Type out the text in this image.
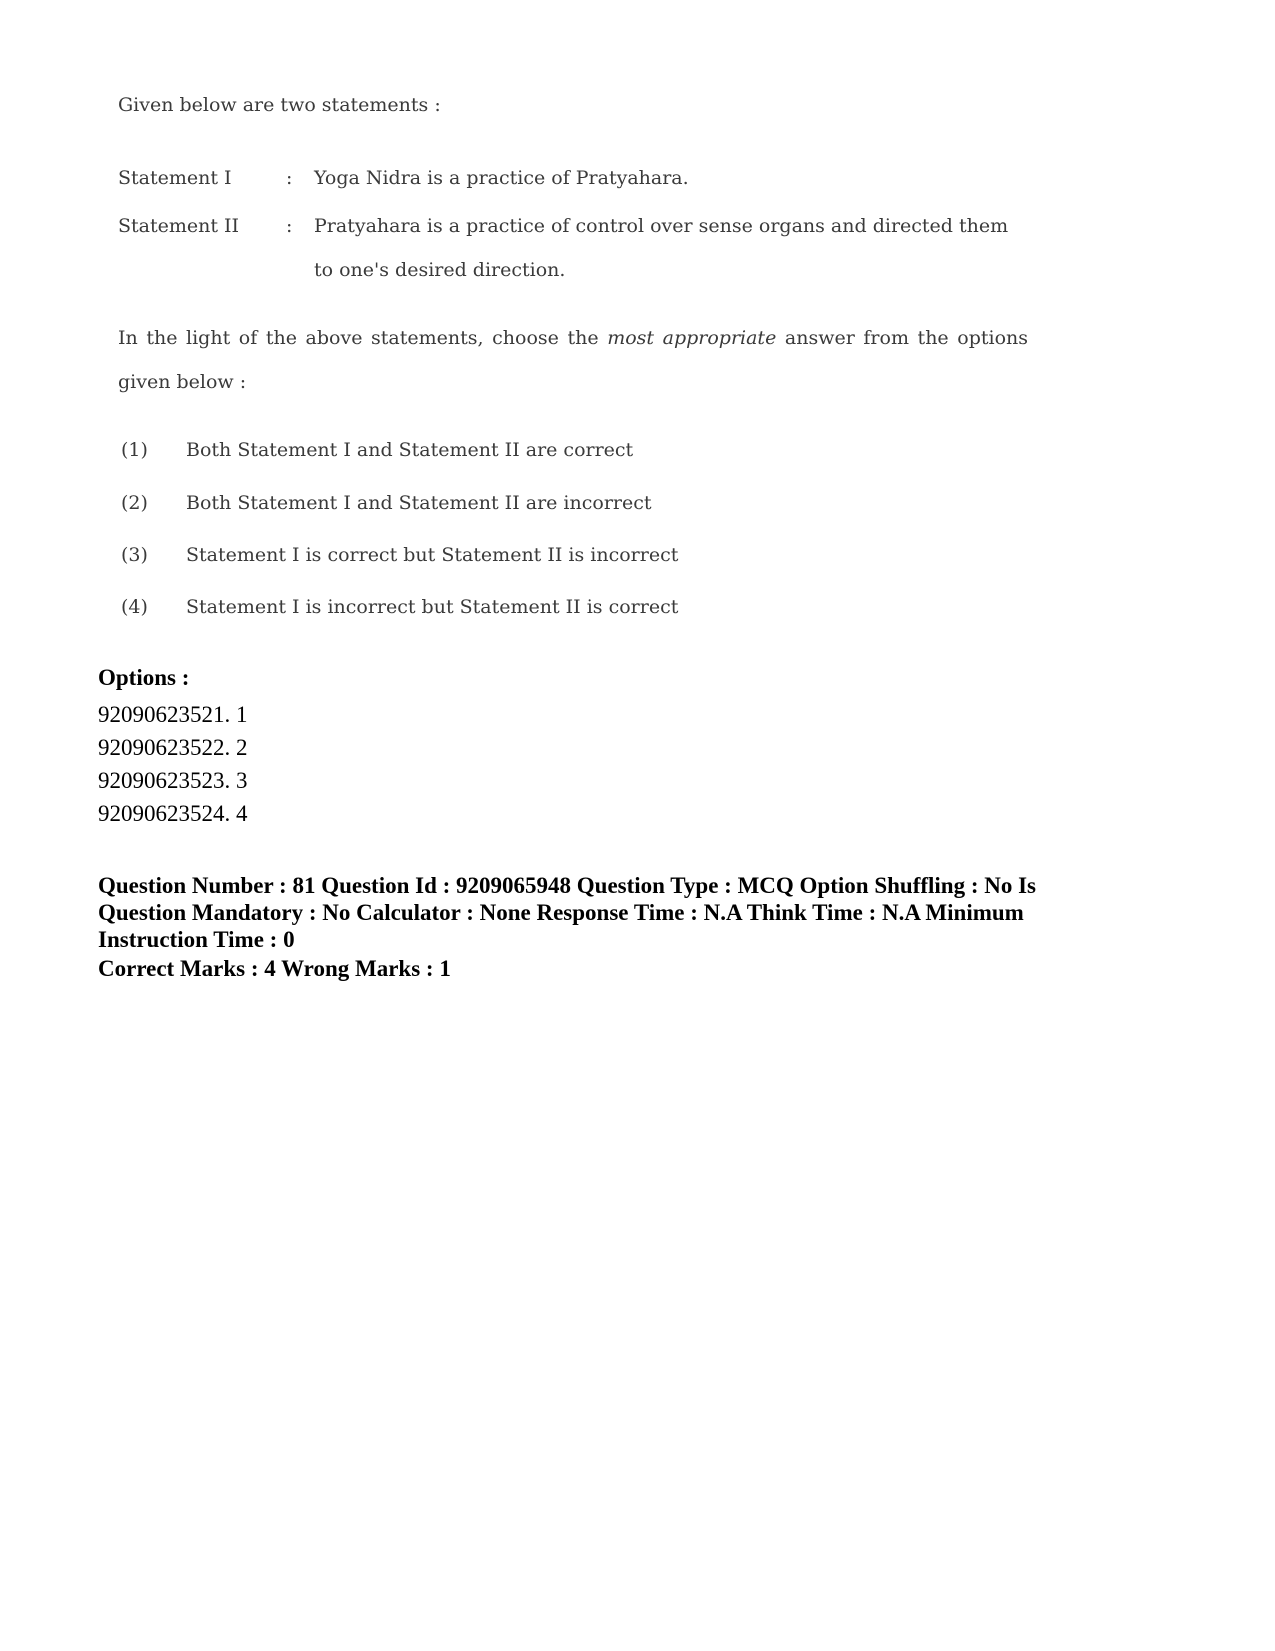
Given below are two statements :
Statement I	: Yoga Nidra is a practice of Pratyahara.
Statement II : Pratyahara is a practice of control over sense organs and directed them to one's desired direction.
In the light of the above statements, choose the most appropriate answer from the options given below :
(1) Both Statement I and Statement II are correct
(2) Both Statement I and Statement II are incorrect
(3) Statement I is correct but Statement II is incorrect
(4) Statement I is incorrect but Statement II is correct
Options :
92090623521. 1
92090623522. 2
92090623523. 3
92090623524. 4
Question Number : 81 Question Id : 9209065948 Question Type : MCQ Option Shuffling : No Is Question Mandatory : No Calculator : None Response Time : N.A Think Time : N.A Minimum Instruction Time : 0
Correct Marks : 4 Wrong Marks : 1
